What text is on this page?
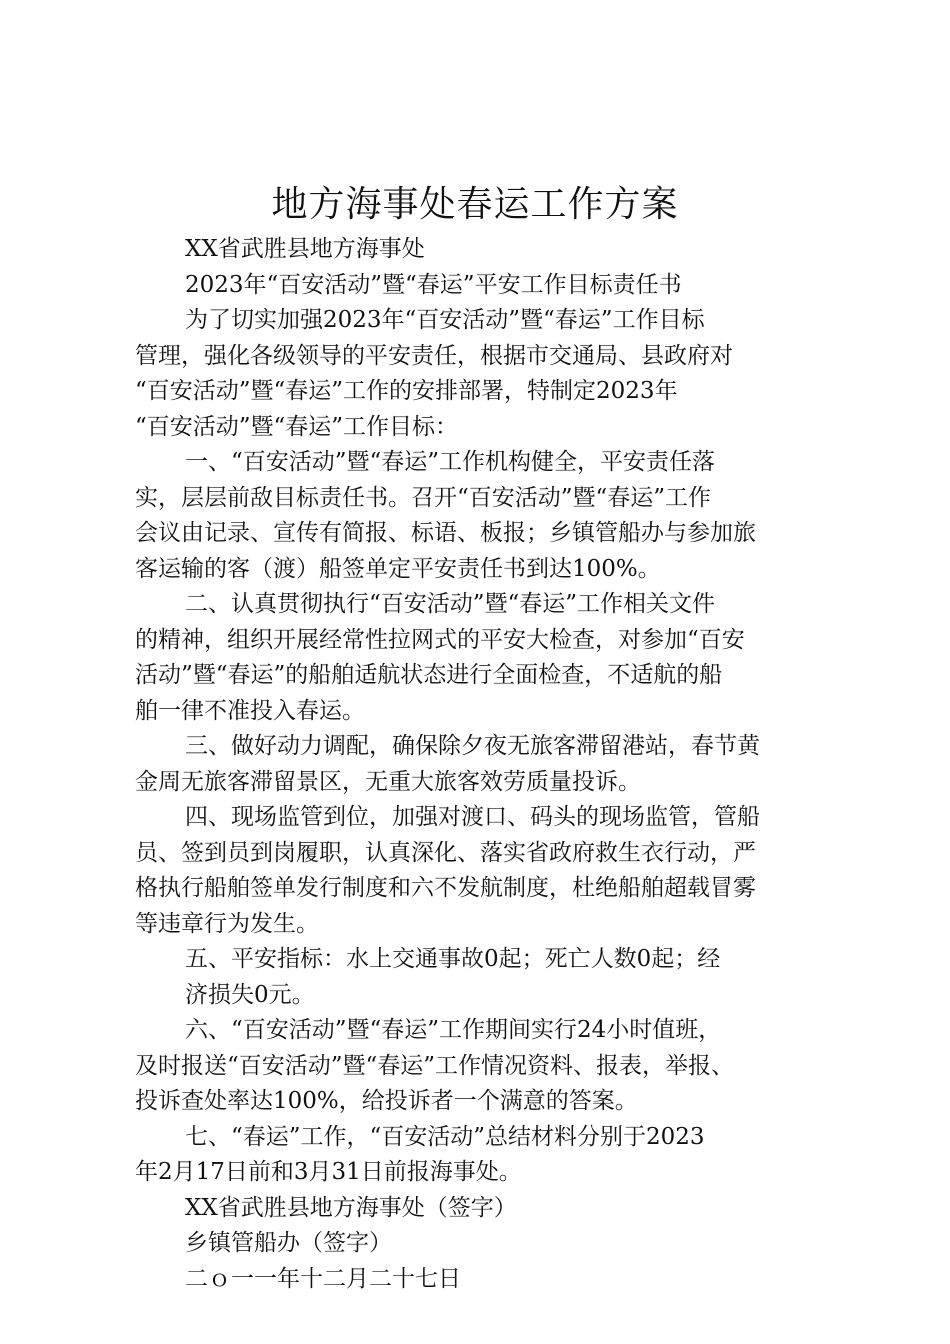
地方海事处春运工作方案
XX省武胜县地方海事处
2023年“百安活动”暨“春运”平安工作目标责任书
为了切实加强2023年“百安活动”暨“春运”工作目标
管理，强化各级领导的平安责任，根据市交通局、县政府对
“百安活动”暨“春运”工作的安排部署，特制定2023年
“百安活动”暨“春运”工作目标：
一、“百安活动”暨“春运”工作机构健全，平安责任落
实，层层前敌目标责任书。召开“百安活动”暨“春运”工作
会议由记录、宣传有简报、标语、板报；乡镇管船办与参加旅
客运输的客（渡）船签单定平安责任书到达100%。
二、认真贯彻执行“百安活动”暨“春运”工作相关文件
的精神，组织开展经常性拉网式的平安大检查，对参加“百安
活动”暨“春运”的船舶适航状态进行全面检查，不适航的船
舶一律不准投入春运。
三、做好动力调配，确保除夕夜无旅客滞留港站，春节黄
金周无旅客滞留景区，无重大旅客效劳质量投诉。
四、现场监管到位，加强对渡口、码头的现场监管，管船
员、签到员到岗履职，认真深化、落实省政府救生衣行动，严
格执行船舶签单发行制度和六不发航制度，杜绝船舶超载冒雾
等违章行为发生。
五、平安指标：水上交通事故0起；死亡人数0起；经
济损失0元。
六、“百安活动”暨“春运”工作期间实行24小时值班，
及时报送“百安活动”暨“春运”工作情况资料、报表，举报、
投诉查处率达100%，给投诉者一个满意的答案。
七、“春运”工作，“百安活动”总结材料分别于2023
年2月17日前和3月31日前报海事处。
XX省武胜县地方海事处（签字）
乡镇管船办（签字）
二ｏ一一年十二月二十七日
